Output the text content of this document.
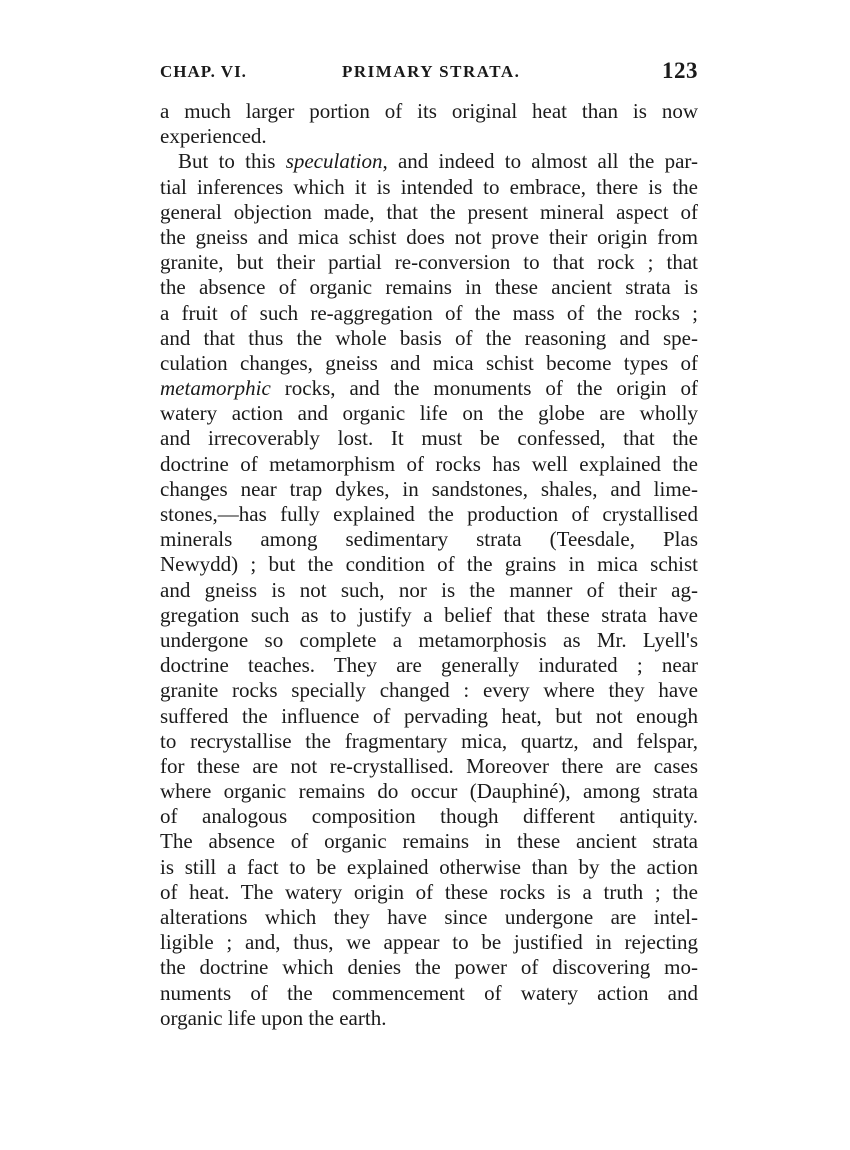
CHAP. VI.	PRIMARY STRATA.	123
a much larger portion of its original heat than is now
experienced.
But to this speculation, and indeed to almost all the par-
tial inferences which it is intended to embrace, there is the
general objection made, that the present mineral aspect of
the gneiss and mica schist does not prove their origin from
granite, but their partial re-conversion to that rock ; that
the absence of organic remains in these ancient strata is
a fruit of such re-aggregation of the mass of the rocks ;
and that thus the whole basis of the reasoning and spe-
culation changes, gneiss and mica schist become types of
metamorphic rocks, and the monuments of the origin of
watery action and organic life on the globe are wholly
and irrecoverably lost. It must be confessed, that the
doctrine of metamorphism of rocks has well explained the
changes near trap dykes, in sandstones, shales, and lime-
stones,—has fully explained the production of crystallised
minerals among sedimentary strata (Teesdale, Plas
Newydd) ; but the condition of the grains in mica schist
and gneiss is not such, nor is the manner of their ag-
gregation such as to justify a belief that these strata have
undergone so complete a metamorphosis as Mr. Lyell's
doctrine teaches. They are generally indurated ; near
granite rocks specially changed : every where they have
suffered the influence of pervading heat, but not enough
to recrystallise the fragmentary mica, quartz, and felspar,
for these are not re-crystallised. Moreover there are cases
where organic remains do occur (Dauphiné), among strata
of analogous composition though different antiquity.
The absence of organic remains in these ancient strata
is still a fact to be explained otherwise than by the action
of heat. The watery origin of these rocks is a truth ; the
alterations which they have since undergone are intel-
ligible ; and, thus, we appear to be justified in rejecting
the doctrine which denies the power of discovering mo-
numents of the commencement of watery action and
organic life upon the earth.
